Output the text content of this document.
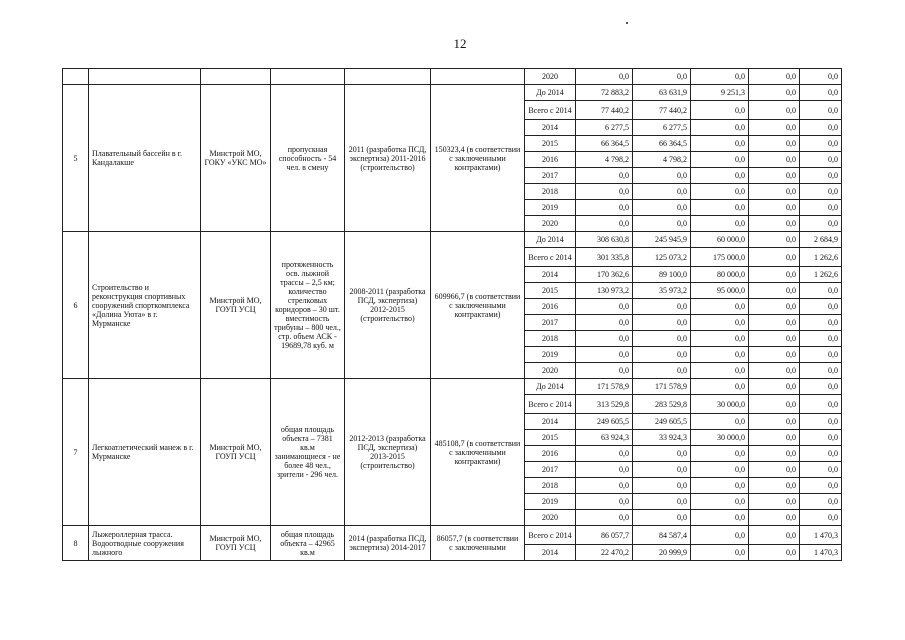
12
						2020	0,0	0,0	0,0	0,0	0,0
5	Плавательный бассейн в г. Кандалакше	Минстрой МО, ГОКУ «УКС МО»	пропускная способность - 54 чел. в смену	2011 (разработка ПСД, экспертиза) 2011-2016 (строительство)	150323,4 (в соответствии с заключенными контрактами)	До 2014	72 883,2	63 631,9	9 251,3	0,0	0,0
						Всего с 2014	77 440,2	77 440,2	0,0	0,0	0,0
						2014	6 277,5	6 277,5	0,0	0,0	0,0
						2015	66 364,5	66 364,5	0,0	0,0	0,0
						2016	4 798,2	4 798,2	0,0	0,0	0,0
						2017	0,0	0,0	0,0	0,0	0,0
						2018	0,0	0,0	0,0	0,0	0,0
						2019	0,0	0,0	0,0	0,0	0,0
						2020	0,0	0,0	0,0	0,0	0,0
6	Строительство и реконструкция спортивных сооружений спорткомплекса «Долина Уюта» в г. Мурманске	Минстрой МО, ГОУП УСЦ	протяженность осв. лыжной трассы – 2,5 км; количество стрелковых коридоров – 30 шт. вместимость трибуны – 800 чел., стр. объем АСК - 19689,78 куб. м	2008-2011 (разработка ПСД, экспертиза) 2012-2015 (строительство)	609966,7 (в соответствии с заключенными контрактами)	До 2014	308 630,8	245 945,9	60 000,0	0,0	2 684,9
						Всего с 2014	301 335,8	125 073,2	175 000,0	0,0	1 262,6
						2014	170 362,6	89 100,0	80 000,0	0,0	1 262,6
						2015	130 973,2	35 973,2	95 000,0	0,0	0,0
						2016	0,0	0,0	0,0	0,0	0,0
						2017	0,0	0,0	0,0	0,0	0,0
						2018	0,0	0,0	0,0	0,0	0,0
						2019	0,0	0,0	0,0	0,0	0,0
						2020	0,0	0,0	0,0	0,0	0,0
7	Легкоатлетический манеж в г. Мурманске	Минстрой МО, ГОУП УСЦ	общая площадь объекта – 7381 кв.м занимающиеся - не более 48 чел., зрители - 296 чел.	2012-2013 (разработка ПСД, экспертиза) 2013-2015 (строительство)	485108,7 (в соответствии с заключенными контрактами)	До 2014	171 578,9	171 578,9	0,0	0,0	0,0
						Всего с 2014	313 529,8	283 529,8	30 000,0	0,0	0,0
						2014	249 605,5	249 605,5	0,0	0,0	0,0
						2015	63 924,3	33 924,3	30 000,0	0,0	0,0
						2016	0,0	0,0	0,0	0,0	0,0
						2017	0,0	0,0	0,0	0,0	0,0
						2018	0,0	0,0	0,0	0,0	0,0
						2019	0,0	0,0	0,0	0,0	0,0
						2020	0,0	0,0	0,0	0,0	0,0
8	Лыжероллерная трасса. Водоотводные сооружения лыжного	Минстрой МО, ГОУП УСЦ	общая площадь объекта – 42965 кв.м	2014 (разработка ПСД, экспертиза) 2014-2017	86057,7 (в соответствии с заключенными	Всего с 2014	86 057,7	84 587,4	0,0	0,0	1 470,3
						2014	22 470,2	20 999,9	0,0	0,0	1 470,3
